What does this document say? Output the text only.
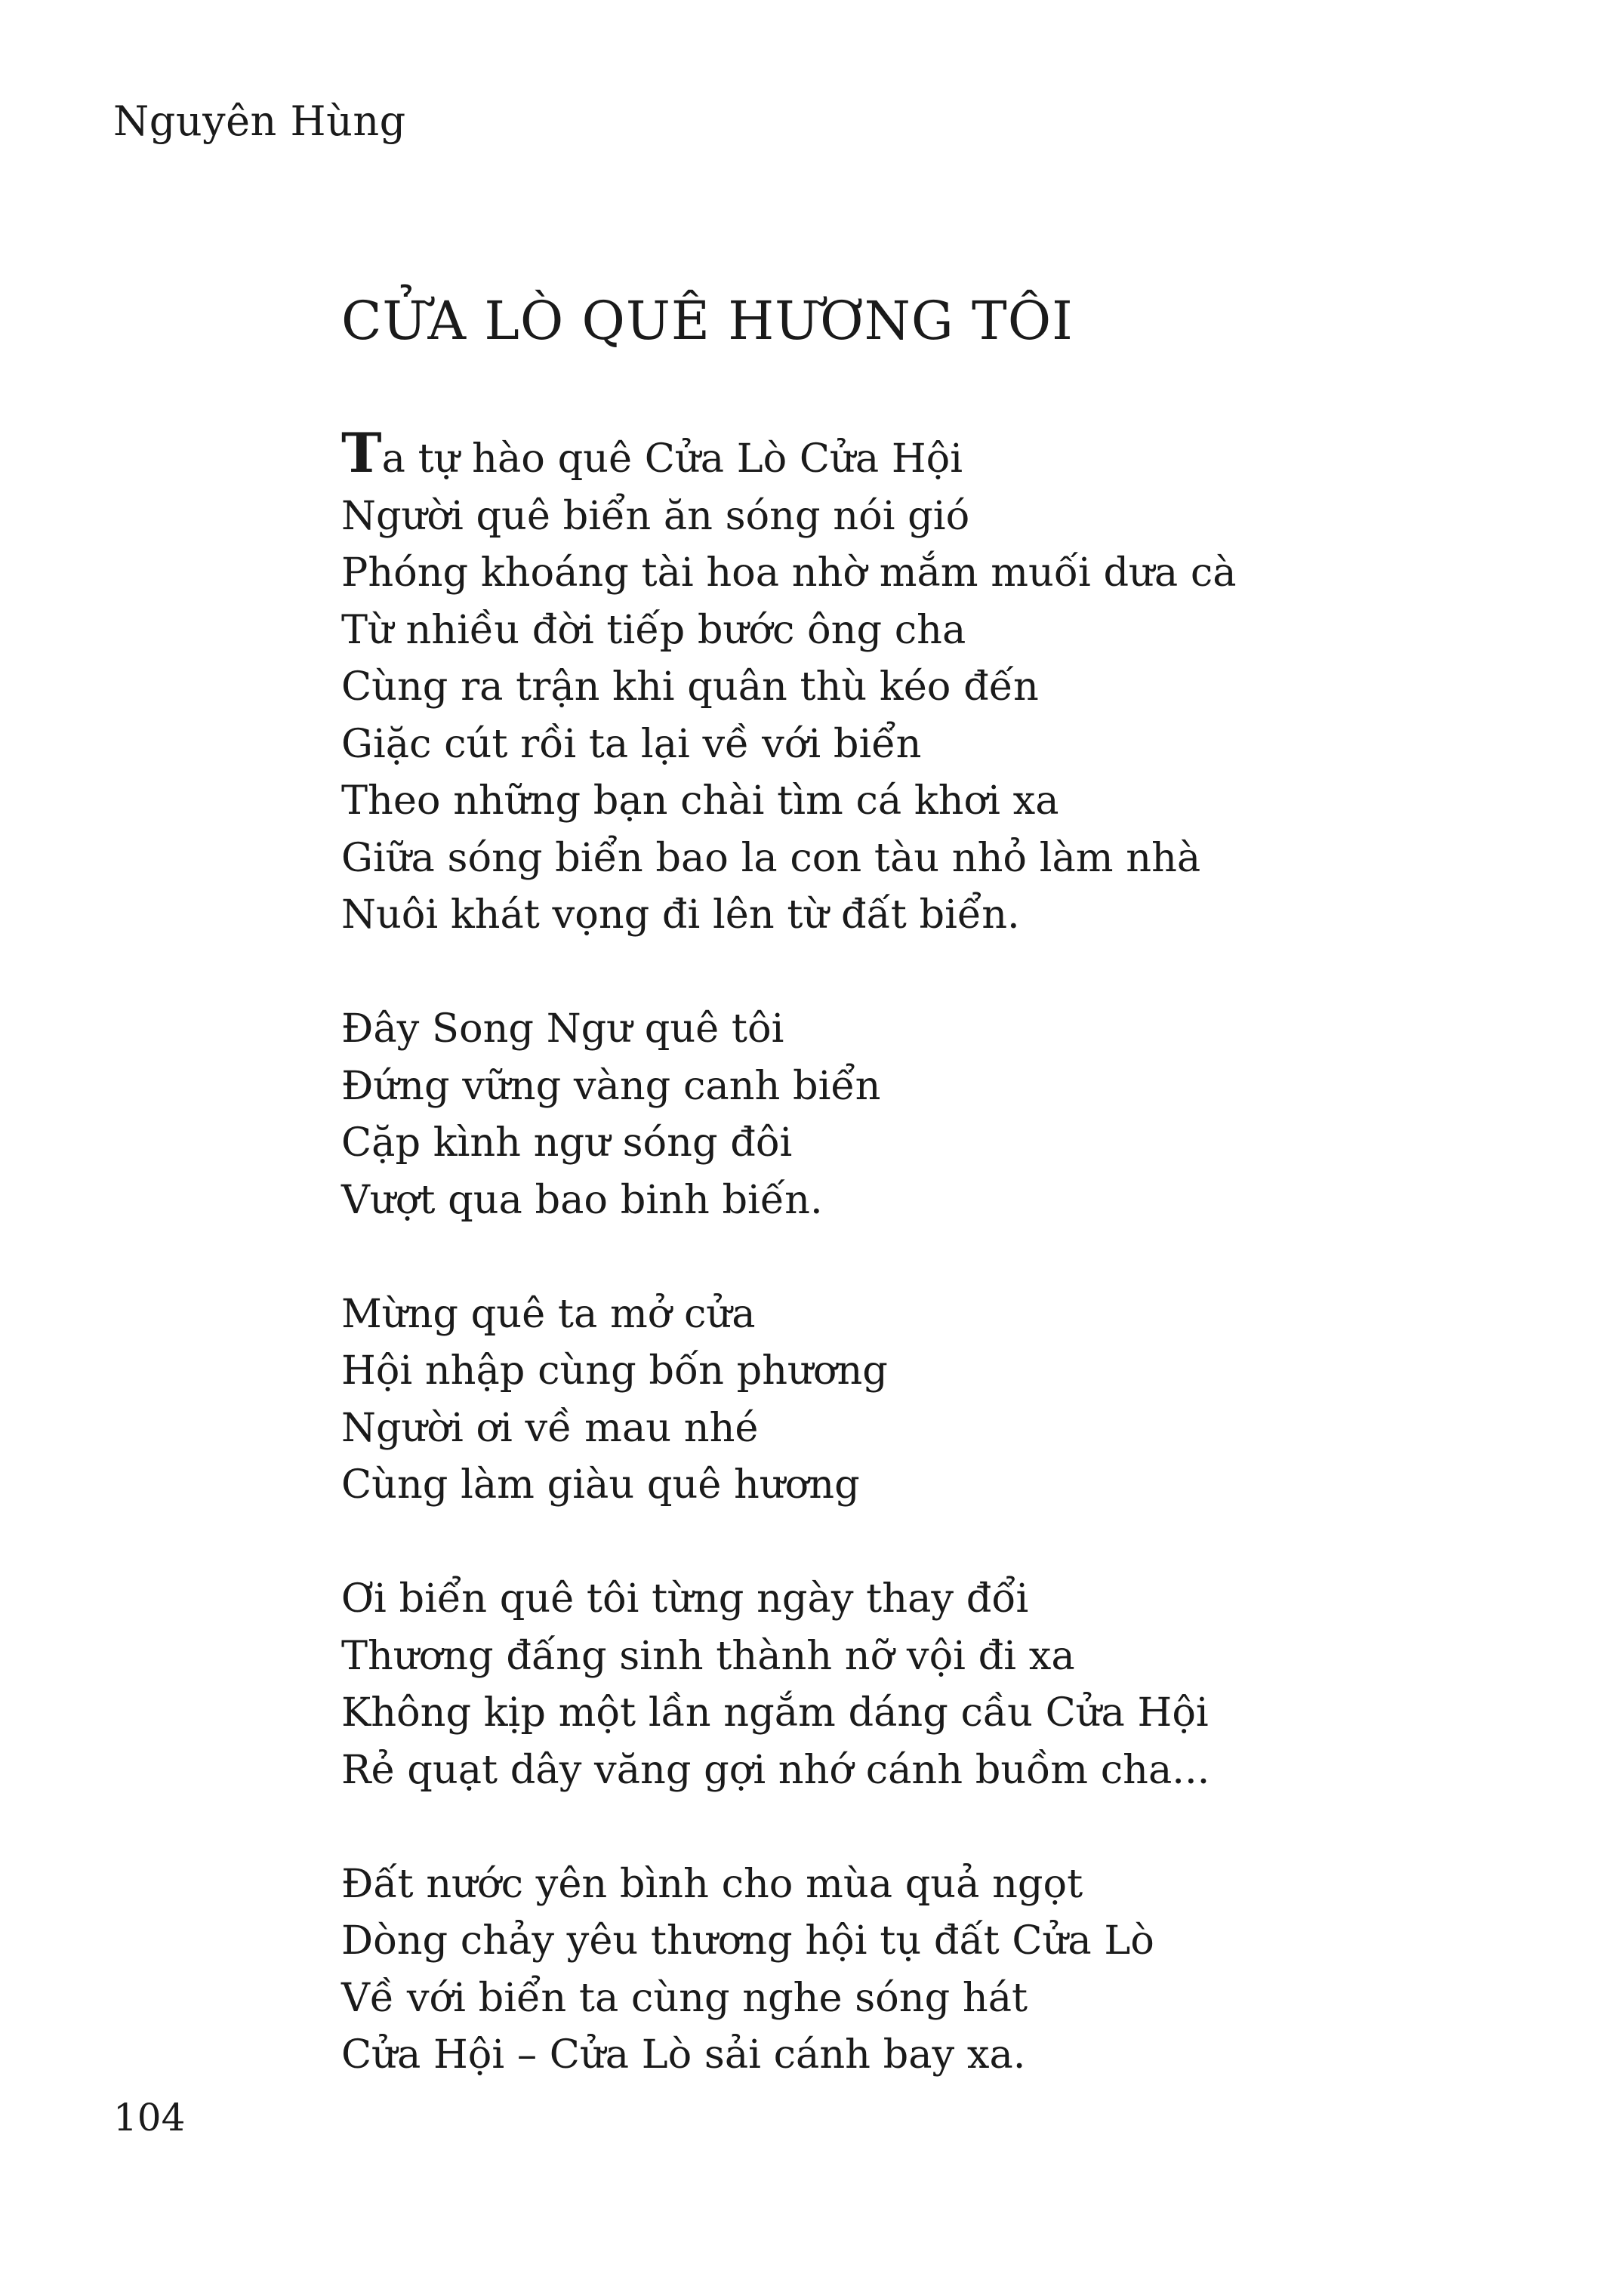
Nguyên Hùng
CỬA LÒ QUÊ HƯƠNG TÔI
Ta tự hào quê Cửa Lò Cửa Hội
Người quê biển ăn sóng nói gió
Phóng khoáng tài hoa nhờ mắm muối dưa cà
Từ nhiều đời tiếp bước ông cha
Cùng ra trận khi quân thù kéo đến
Giặc cút rồi ta lại về với biển
Theo những bạn chài tìm cá khơi xa
Giữa sóng biển bao la con tàu nhỏ làm nhà
Nuôi khát vọng đi lên từ đất biển.
Đây Song Ngư quê tôi
Đứng vững vàng canh biển
Cặp kình ngư sóng đôi
Vượt qua bao binh biến.
Mừng quê ta mở cửa
Hội nhập cùng bốn phương
Người ơi về mau nhé
Cùng làm giàu quê hương
Ơi biển quê tôi từng ngày thay đổi
Thương đấng sinh thành nỡ vội đi xa
Không kịp một lần ngắm dáng cầu Cửa Hội
Rẻ quạt dây văng gợi nhớ cánh buồm cha...
Đất nước yên bình cho mùa quả ngọt
Dòng chảy yêu thương hội tụ đất Cửa Lò
Về với biển ta cùng nghe sóng hát
Cửa Hội – Cửa Lò sải cánh bay xa.
104
